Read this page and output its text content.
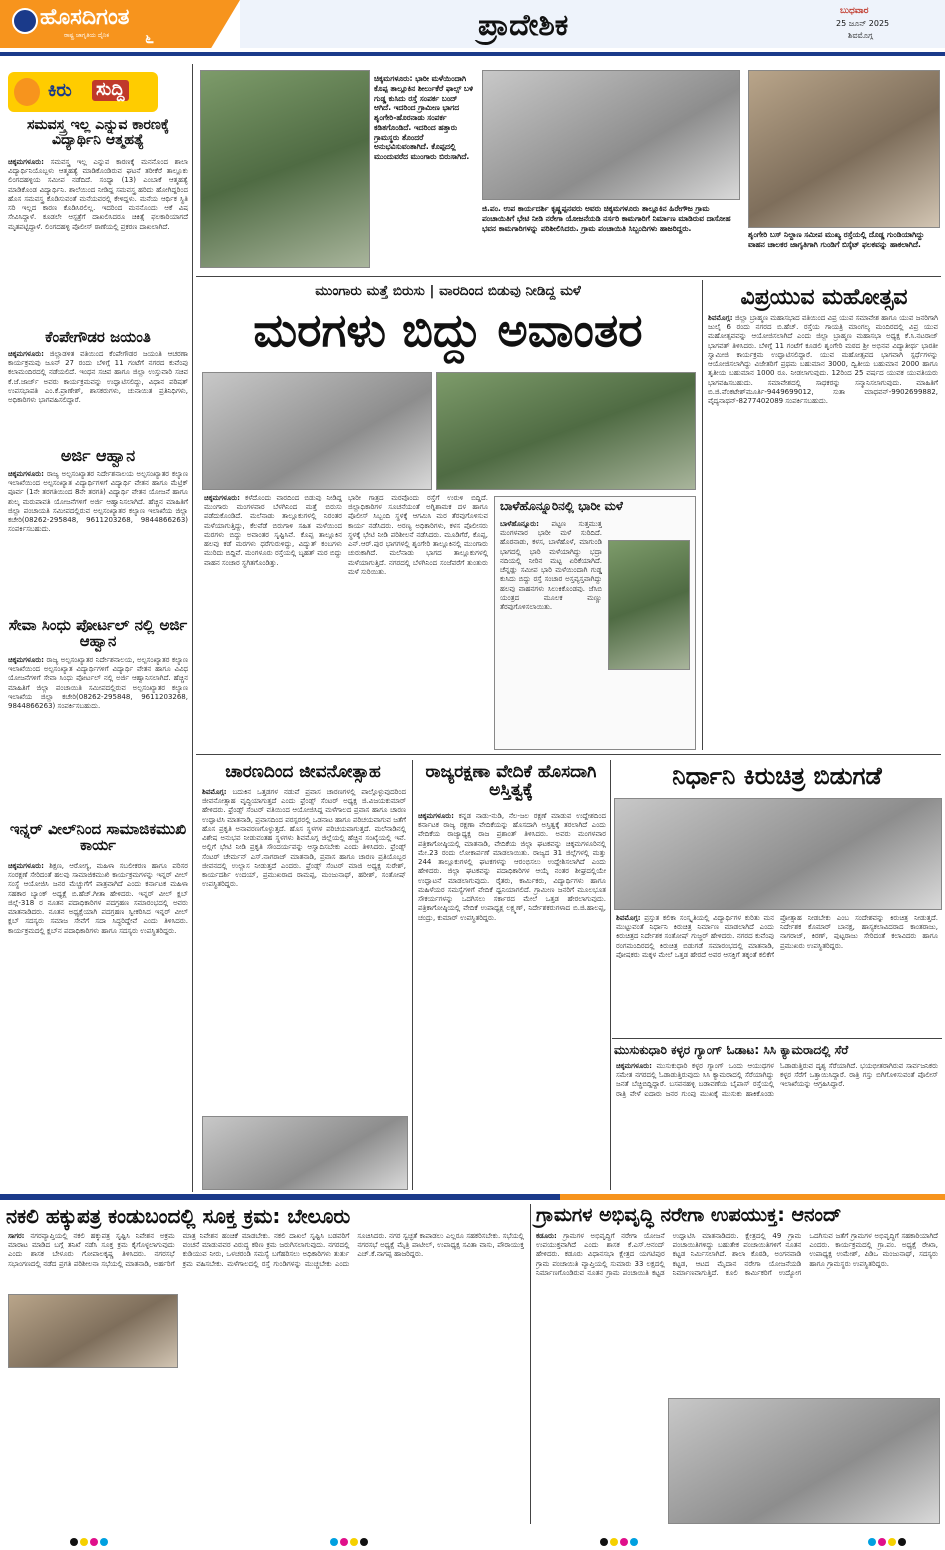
ಹೊಸದಿಗಂತ
ರಾಷ್ಟ್ರ ಜಾಗೃತಿಯ ದೈನಿಕ ೬	ಪ್ರಾದೇಶಿಕ	ಬುಧವಾರ
25 ಜೂನ್ 2025
ಶಿವಮೊಗ್ಗ
ಕಿರು ಸುದ್ದಿ
ಸಮವಸ್ತ್ರ ಇಲ್ಲ ಎನ್ನುವ ಕಾರಣಕ್ಕೆ ವಿದ್ಯಾರ್ಥಿನಿ ಆತ್ಮಹತ್ಯೆ
ಚಿಕ್ಕಮಗಳೂರು: ಸಮವಸ್ತ್ರ ಇಲ್ಲ ಎನ್ನುವ ಕಾರಣಕ್ಕೆ ಮನನೊಂದ ಶಾಲಾ ವಿದ್ಯಾರ್ಥಿನಿಯೊಬ್ಬಳು ಆತ್ಮಹತ್ಯೆ ಮಾಡಿಕೊಂಡಿರುವ ಘಟನೆ ತರೀಕೆರೆ ತಾಲ್ಲೂಕು ಲಿಂಗದಹಳ್ಳಿಯ ಸಮೀಪ ನಡೆದಿದೆ. ಸಂಧ್ಯಾ (13) ಎಂಬಾಕೆ ಆತ್ಮಹತ್ಯೆ ಮಾಡಿಕೊಂಡ ವಿದ್ಯಾರ್ಥಿನಿ. ಶಾಲೆಯಿಂದ ನೀಡಿದ್ದ ಸಮವಸ್ತ್ರ ಹರಿದು ಹೋಗಿದ್ದರಿಂದ ಹೊಸ ಸಮವಸ್ತ್ರ ಕೊಡಿಸುವಂತೆ ಮನೆಯವರಲ್ಲಿ ಕೇಳಿದ್ದಳು. ಮನೆಯ ಆರ್ಥಿಕ ಸ್ಥಿತಿ ಸರಿ ಇಲ್ಲದ ಕಾರಣ ಕೊಡಿಸಿರಲಿಲ್ಲ. ಇದರಿಂದ ಮನನೊಂದು ಆಕೆ ವಿಷ ಸೇವಿಸಿದ್ದಾಳೆ. ಕೂಡಲೇ ಆಸ್ಪತ್ರೆಗೆ ದಾಖಲಿಸಿದರೂ ಚಿಕಿತ್ಸೆ ಫಲಕಾರಿಯಾಗದೆ ಮೃತಪಟ್ಟಿದ್ದಾಳೆ. ಲಿಂಗದಹಳ್ಳಿ ಪೊಲೀಸ್ ಠಾಣೆಯಲ್ಲಿ ಪ್ರಕರಣ ದಾಖಲಾಗಿದೆ.
ಕೆಂಪೇಗೌಡರ ಜಯಂತಿ
ಚಿಕ್ಕಮಗಳೂರು: ಜಿಲ್ಲಾಡಳಿತ ವತಿಯಿಂದ ಕೆಂಪೇಗೌಡರ ಜಯಂತಿ ಆಚರಣಾ ಕಾರ್ಯಕ್ರಮವು ಜೂನ್ 27 ರಂದು ಬೆಳಿಗ್ಗೆ 11 ಗಂಟೆಗೆ ನಗರದ ಕುವೆಂಪು ಕಲಾಮಂದಿರದಲ್ಲಿ ನಡೆಯಲಿದೆ. ಇಂಧನ ಸಚಿವ ಹಾಗೂ ಜಿಲ್ಲಾ ಉಸ್ತುವಾರಿ ಸಚಿವ ಕೆ.ಜೆ.ಜಾರ್ಜ್ ಅವರು ಕಾರ್ಯಕ್ರಮವನ್ನು ಉದ್ಘಾಟಿಸಲಿದ್ದು, ವಿಧಾನ ಪರಿಷತ್ ಉಪಸಭಾಪತಿ ಎಂ.ಕೆ.ಪ್ರಾಣೇಶ್, ಶಾಸಕರುಗಳು, ಚುನಾಯಿತ ಪ್ರತಿನಿಧಿಗಳು, ಅಧಿಕಾರಿಗಳು ಭಾಗವಹಿಸಲಿದ್ದಾರೆ.
ಅರ್ಜಿ ಆಹ್ವಾನ
ಚಿಕ್ಕಮಗಳೂರು: ರಾಜ್ಯ ಅಲ್ಪಸಂಖ್ಯಾತರ ನಿರ್ದೇಶನಾಲಯ ಅಲ್ಪಸಂಖ್ಯಾತರ ಕಲ್ಯಾಣ ಇಲಾಖೆಯಿಂದ ಅಲ್ಪಸಂಖ್ಯಾತ ವಿದ್ಯಾರ್ಥಿಗಳಿಗೆ ವಿದ್ಯಾರ್ಥಿ ವೇತನ ಹಾಗೂ ಮೆಟ್ರಿಕ್ ಪೂರ್ವ (1ನೇ ತರಗತಿಯಿಂದ 8ನೇ ತರಗತಿ) ವಿದ್ಯಾರ್ಥಿ ವೇತನ ಯೋಜನೆ ಹಾಗೂ ಶುಲ್ಕ ಮರುಪಾವತಿ ಯೋಜನೆಗಳಿಗೆ ಅರ್ಜಿ ಆಹ್ವಾನಿಸಲಾಗಿದೆ. ಹೆಚ್ಚಿನ ಮಾಹಿತಿಗೆ ಜಿಲ್ಲಾ ಪಂಚಾಯತಿ ಸಮೀಪದಲ್ಲಿರುವ ಅಲ್ಪಸಂಖ್ಯಾತರ ಕಲ್ಯಾಣ ಇಲಾಖೆಯ ಜಿಲ್ಲಾ ಕಚೇರಿ(08262-295848, 9611203268, 9844866263) ಸಂಪರ್ಕಿಸಬಹುದು.
ಸೇವಾ ಸಿಂಧು ಪೋರ್ಟಲ್ ನಲ್ಲಿ ಅರ್ಜಿ ಆಹ್ವಾನ
ಚಿಕ್ಕಮಗಳೂರು: ರಾಜ್ಯ ಅಲ್ಪಸಂಖ್ಯಾತರ ನಿರ್ದೇಶನಾಲಯ, ಅಲ್ಪಸಂಖ್ಯಾತರ ಕಲ್ಯಾಣ ಇಲಾಖೆಯಿಂದ ಅಲ್ಪಸಂಖ್ಯಾತ ವಿದ್ಯಾರ್ಥಿಗಳಿಗೆ ವಿದ್ಯಾರ್ಥಿ ವೇತನ ಹಾಗೂ ವಿವಿಧ ಯೋಜನೆಗಳಿಗೆ ಸೇವಾ ಸಿಂಧು ಪೋರ್ಟಲ್ ನಲ್ಲಿ ಅರ್ಜಿ ಆಹ್ವಾನಿಸಲಾಗಿದೆ. ಹೆಚ್ಚಿನ ಮಾಹಿತಿಗೆ ಜಿಲ್ಲಾ ಪಂಚಾಯಿತಿ ಸಮೀಪದಲ್ಲಿರುವ ಅಲ್ಪಸಂಖ್ಯಾತರ ಕಲ್ಯಾಣ ಇಲಾಖೆಯ ಜಿಲ್ಲಾ ಕಚೇರಿ(08262-295848, 9611203268, 9844866263) ಸಂಪರ್ಕಿಸಬಹುದು.
ಇನ್ನರ್ ವೀಲ್‌ನಿಂದ ಸಾಮಾಜಿಕಮುಖಿ ಕಾರ್ಯ
ಚಿಕ್ಕಮಗಳೂರು: ಶಿಕ್ಷಣ, ಆರೋಗ್ಯ, ಮಹಿಳಾ ಸಬಲೀಕರಣ ಹಾಗೂ ಪರಿಸರ ಸಂರಕ್ಷಣೆ ಸೇರಿದಂತೆ ಹಲವು ಸಾಮಾಜಿಕಮುಖಿ ಕಾರ್ಯಕ್ರಮಗಳನ್ನು ಇನ್ನರ್ ವೀಲ್ ಸಂಸ್ಥೆ ಆಯೋಜಿಸಿ ಜನರ ಮೆಚ್ಚುಗೆಗೆ ಪಾತ್ರವಾಗಿದೆ ಎಂದು ಕರ್ನಾಟಕ ಮಹಿಳಾ ಸಹಕಾರ ಬ್ಯಾಂಕ್ ಅಧ್ಯಕ್ಷೆ ಬಿ.ಹೆಚ್.ಗೀತಾ ಹೇಳಿದರು. ಇನ್ನರ್ ವೀಲ್ ಕ್ಲಬ್ ಜಿಲ್ಲೆ-318 ರ ನೂತನ ಪದಾಧಿಕಾರಿಗಳ ಪದಗ್ರಹಣ ಸಮಾರಂಭದಲ್ಲಿ ಅವರು ಮಾತನಾಡಿದರು. ನೂತನ ಅಧ್ಯಕ್ಷೆಯಾಗಿ ಪದಗ್ರಹಣ ಸ್ವೀಕರಿಸಿದ ಇನ್ನರ್ ವೀಲ್ ಕ್ಲಬ್ ಸದಸ್ಯರು ಸಮಾಜ ಸೇವೆಗೆ ಸದಾ ಸಿದ್ಧರಿದ್ದೇವೆ ಎಂದು ತಿಳಿಸಿದರು. ಕಾರ್ಯಕ್ರಮದಲ್ಲಿ ಕ್ಲಬ್‌ನ ಪದಾಧಿಕಾರಿಗಳು ಹಾಗೂ ಸದಸ್ಯರು ಉಪಸ್ಥಿತರಿದ್ದರು.
ಚಿಕ್ಕಮಗಳೂರು: ಭಾರೀ ಮಳೆಯಿಂದಾಗಿ ಕೊಪ್ಪ ತಾಲ್ಲೂಕಿನ ಶೀರ್ಲುಕೆರೆ ಫಾಲ್ಸ್ ಬಳಿ ಗುಡ್ಡ ಕುಸಿದು ರಸ್ತೆ ಸಂಪರ್ಕ ಬಂದ್ ಆಗಿದೆ. ಇದರಿಂದ ಗ್ರಾಮೀಣ ಭಾಗದ ಶೃಂಗೇರಿ-ಹೊರನಾಡು ಸಂಪರ್ಕ ಕಡಿತಗೊಂಡಿದೆ. ಇದರಿಂದ ಹತ್ತಾರು ಗ್ರಾಮಸ್ಥರು ತೊಂದರೆ ಅನುಭವಿಸುವಂತಾಗಿದೆ. ಕೊಪ್ಪದಲ್ಲಿ ಮುಂದುವರೆದ ಮುಂಗಾರು ಬಿರುಸಾಗಿದೆ.
ಜಿ.ಪಂ. ಉಪ ಕಾರ್ಯದರ್ಶಿ ಕೃಷ್ಣಪ್ಪನವರು ಅವರು ಚಿಕ್ಕಮಗಳೂರು ತಾಲ್ಲೂಕಿನ ಹಿರೇಗೌಜ ಗ್ರಾಮ ಪಂಚಾಯಿತಿಗೆ ಭೇಟಿ ನೀಡಿ ನರೇಗಾ ಯೋಜನೆಯಡಿ ನರ್ಸರಿ ಕಾಮಗಾರಿಗೆ ನಿರ್ಮಾಣ ಮಾಡಿರುವ ದಾಸೋಹ ಭವನ ಕಾಮಗಾರಿಗಳನ್ನು ಪರಿಶೀಲಿಸಿದರು. ಗ್ರಾಮ ಪಂಚಾಯಿತಿ ಸಿಬ್ಬಂದಿಗಳು ಹಾಜರಿದ್ದರು.
ಶೃಂಗೇರಿ ಬಸ್ ನಿಲ್ದಾಣ ಸಮೀಪ ಮುಖ್ಯ ರಸ್ತೆಯಲ್ಲಿ ದೊಡ್ಡ ಗುಂಡಿಯಾಗಿದ್ದು ವಾಹನ ಚಾಲಕರ ಜಾಗೃತಿಗಾಗಿ ಗುಂಡಿಗೆ ಬಿಸ್ಕೆಟ್ ಫಲಕವನ್ನು ಹಾಕಲಾಗಿದೆ.
ಮುಂಗಾರು ಮತ್ತೆ ಬಿರುಸು | ವಾರದಿಂದ ಬಿಡುವು ನೀಡಿದ್ದ ಮಳೆ
ಮರಗಳು ಬಿದ್ದು ಅವಾಂತರ
ಚಿಕ್ಕಮಗಳೂರು: ಕಳೆದೊಂದು ವಾರದಿಂದ ಬಿಡುವು ನೀಡಿದ್ದ ಮುಂಗಾರು ಮಂಗಳವಾರ ಬೆಳಗಿನಿಂದ ಮತ್ತೆ ಬಿರುಸು ಪಡೆದುಕೊಂಡಿದೆ. ಮಲೆನಾಡು ತಾಲ್ಲೂಕುಗಳಲ್ಲಿ ನಿರಂತರ ಮಳೆಯಾಗುತ್ತಿದ್ದು, ಕೆಲವೆಡೆ ಬಿರುಗಾಳಿ ಸಹಿತ ಮಳೆಯಿಂದ ಮರಗಳು ಬಿದ್ದು ಅವಾಂತರ ಸೃಷ್ಟಿಸಿವೆ. ಕೊಪ್ಪ ತಾಲ್ಲೂಕಿನ ಹಲವು ಕಡೆ ಮರಗಳು ಧರೆಗುರುಳಿದ್ದು, ವಿದ್ಯುತ್ ಕಂಬಗಳು ಮುರಿದು ಬಿದ್ದಿವೆ. ಮಂಗಳೂರು ರಸ್ತೆಯಲ್ಲಿ ಬೃಹತ್ ಮರ ಬಿದ್ದು ವಾಹನ ಸಂಚಾರ ಸ್ಥಗಿತಗೊಂಡಿತ್ತು.
ಭಾರೀ ಗಾತ್ರದ ಮರವೊಂದು ರಸ್ತೆಗೆ ಉರುಳಿ ಬಿದ್ದಿದೆ. ಜಿಲ್ಲಾಧಿಕಾರಿಗಳ ಸೂಚನೆಯಂತೆ ಅಗ್ನಿಶಾಮಕ ದಳ ಹಾಗೂ ಪೊಲೀಸ್ ಸಿಬ್ಬಂದಿ ಸ್ಥಳಕ್ಕೆ ಆಗಮಿಸಿ ಮರ ತೆರವುಗೊಳಿಸುವ ಕಾರ್ಯ ನಡೆಸಿದರು. ಅರಣ್ಯ ಅಧಿಕಾರಿಗಳು, ಕಳಸ ಪೊಲೀಸರು ಸ್ಥಳಕ್ಕೆ ಭೇಟಿ ನೀಡಿ ಪರಿಶೀಲನೆ ನಡೆಸಿದರು. ಮೂಡಿಗೆರೆ, ಕೊಪ್ಪ, ಎನ್.ಆರ್.ಪುರ ಭಾಗಗಳಲ್ಲಿ ಶೃಂಗೇರಿ ತಾಲ್ಲೂಕಿನಲ್ಲಿ ಮುಂಗಾರು ಚುರುಕಾಗಿದೆ. ಮಲೆನಾಡು ಭಾಗದ ತಾಲ್ಲೂಕುಗಳಲ್ಲಿ ಮಳೆಯಾಗುತ್ತಿದೆ. ನಗರದಲ್ಲಿ ಬೆಳಗಿನಿಂದ ಸಂಜೆವರೆಗೆ ತುಂತುರು ಮಳೆ ಸುರಿಯಿತು.
ಬಾಳೆಹೊನ್ನೂರಿನಲ್ಲಿ ಭಾರೀ ಮಳೆ
ಬಾಳೆಹೊನ್ನೂರು: ಪಟ್ಟಣ ಸುತ್ತಮುತ್ತ ಮಂಗಳವಾರ ಭಾರೀ ಮಳೆ ಸುರಿದಿದೆ. ಹೊರನಾಡು, ಕಳಸ, ಬಾಳೆಹೊಳೆ, ಮಾಗುಂಡಿ ಭಾಗದಲ್ಲಿ ಭಾರಿ ಮಳೆಯಾಗಿದ್ದು ಭದ್ರಾ ನದಿಯಲ್ಲಿ ನೀರಿನ ಮಟ್ಟ ಏರಿಕೆಯಾಗಿದೆ. ಚೆನ್ನಡ್ಲು ಸಮೀಪ ಭಾರಿ ಮಳೆಯಿಂದಾಗಿ ಗುಡ್ಡ ಕುಸಿದು ಬಿದ್ದು ರಸ್ತೆ ಸಂಚಾರ ಅಸ್ತವ್ಯಸ್ತವಾಗಿದ್ದು ಹಲವು ವಾಹನಗಳು ಸಿಲುಕಿಕೊಂಡವು. ಜೆಸಿಬಿ ಯಂತ್ರದ ಮೂಲಕ ಮಣ್ಣು ತೆರವುಗೊಳಿಸಲಾಯಿತು.
ವಿಪ್ರಯುವ ಮಹೋತ್ಸವ
ಶಿವಮೊಗ್ಗ: ಜಿಲ್ಲಾ ಬ್ರಾಹ್ಮಣ ಮಹಾಸಭಾದ ವತಿಯಿಂದ ವಿಪ್ರ ಯುವ ಸಮಾವೇಶ ಹಾಗೂ ಯುವ ಜನರಿಗಾಗಿ ಜುಲೈ 6 ರಂದು ನಗರದ ಬಿ.ಹೆಚ್. ರಸ್ತೆಯ ಗಾಯತ್ರಿ ಮಾಂಗಲ್ಯ ಮಂದಿರದಲ್ಲಿ ವಿಪ್ರ ಯುವ ಮಹೋತ್ಸವವನ್ನು ಆಯೋಜಿಸಲಾಗಿದೆ ಎಂದು ಜಿಲ್ಲಾ ಬ್ರಾಹ್ಮಣ ಮಹಾಸಭಾ ಅಧ್ಯಕ್ಷ ಕೆ.ಸಿ.ನಟರಾಜ್ ಭಾಗವತ್ ತಿಳಿಸಿದರು. ಬೆಳಿಗ್ಗೆ 11 ಗಂಟೆಗೆ ಕೂಡಲಿ ಶೃಂಗೇರಿ ಮಠದ ಶ್ರೀ ಅಭಿನವ ವಿದ್ಯಾತೀರ್ಥ ಭಾರತೀ ಸ್ವಾಮೀಜಿ ಕಾರ್ಯಕ್ರಮ ಉದ್ಘಾಟಿಸಲಿದ್ದಾರೆ. ಯುವ ಮಹೋತ್ಸವದ ಭಾಗವಾಗಿ ಸ್ಪರ್ಧೆಗಳನ್ನು ಆಯೋಜಿಸಲಾಗಿದ್ದು ವಿಜೇತರಿಗೆ ಪ್ರಥಮ ಬಹುಮಾನ 3000, ದ್ವಿತೀಯ ಬಹುಮಾನ 2000 ಹಾಗೂ ತೃತೀಯ ಬಹುಮಾನ 1000 ರೂ. ನೀಡಲಾಗುವುದು. 12ರಿಂದ 25 ವರ್ಷದ ಯುವಕ ಯುವತಿಯರು ಭಾಗವಹಿಸಬಹುದು. ಸಮಾವೇಶದಲ್ಲಿ ಸಾಧಕರನ್ನು ಸನ್ಮಾನಿಸಲಾಗುವುದು. ಮಾಹಿತಿಗೆ ಬಿ.ಜಿ.ವೆಂಕಟೇಶ್‌ಮೂರ್ತಿ-9449699012, ಸುತಾ ಮಾಧವನ್-9902699882, ವೈದ್ಯನಾಥನ್-8277402089 ಸಂಪರ್ಕಿಸಬಹುದು.
ಚಾರಣದಿಂದ ಜೀವನೋತ್ಸಾಹ
ಶಿವಮೊಗ್ಗ: ಬದುಕಿನ ಒತ್ತಡಗಳ ನಡುವೆ ಪ್ರವಾಸ ಚಾರಣಗಳಲ್ಲಿ ಪಾಲ್ಗೊಳ್ಳುವುದರಿಂದ ಜೀವನೋತ್ಸಾಹ ವೃದ್ಧಿಯಾಗುತ್ತದೆ ಎಂದು ಫ್ರೆಂಡ್ಸ್ ಸೆಂಟರ್ ಅಧ್ಯಕ್ಷ ಜಿ.ವಿಜಯಕುಮಾರ್ ಹೇಳಿದರು. ಫ್ರೆಂಡ್ಸ್ ಸೆಂಟರ್ ವತಿಯಿಂದ ಆಯೋಜಿಸಿದ್ದ ಮಳೆಗಾಲದ ಪ್ರವಾಸ ಹಾಗೂ ಚಾರಣ ಉದ್ಘಾಟಿಸಿ ಮಾತನಾಡಿ, ಪ್ರವಾಸದಿಂದ ಪರಸ್ಪರರಲ್ಲಿ ಒಡನಾಟ ಹಾಗೂ ಪರಿಚಯವಾಗುವ ಜತೆಗೆ ಹೊಸ ಪ್ರಕೃತಿ ಅನಾವರಣಗೊಳ್ಳುತ್ತದೆ. ಹೊಸ ಸ್ಥಳಗಳ ಪರಿಚಯವಾಗುತ್ತದೆ. ಮಲೆನಾಡಿನಲ್ಲಿ ವಿಶೇಷ ಅನುಭವ ನೀಡುವಂತಹ ಸ್ಥಳಗಳು ಶಿವಮೊಗ್ಗ ಜಿಲ್ಲೆಯಲ್ಲಿ ಹೆಚ್ಚಿನ ಸಂಖ್ಯೆಯಲ್ಲಿ ಇವೆ. ಅಲ್ಲಿಗೆ ಭೇಟಿ ನೀಡಿ ಪ್ರಕೃತಿ ಸೌಂದರ್ಯವನ್ನು ಆಸ್ವಾದಿಸಬೇಕು ಎಂದು ತಿಳಿಸಿದರು. ಫ್ರೆಂಡ್ಸ್ ಸೆಂಟರ್ ಚೇರ್ಮನ್ ಎಸ್.ನಾಗರಾಜ್ ಮಾತನಾಡಿ, ಪ್ರವಾಸ ಹಾಗೂ ಚಾರಣ ಪ್ರತಿಯೊಬ್ಬರ ಜೀವನದಲ್ಲಿ ಉಲ್ಲಾಸ ನೀಡುತ್ತದೆ ಎಂದರು. ಫ್ರೆಂಡ್ಸ್ ಸೆಂಟರ್ ಮಾಜಿ ಅಧ್ಯಕ್ಷ ಸುರೇಶ್, ಕಾರ್ಯದರ್ಶಿ ಉದಯ್, ಪ್ರಮುಖರಾದ ರಾಮಪ್ಪ, ಮಂಜುನಾಥ್, ಹರೀಶ್, ಸಂತೋಷ್ ಉಪಸ್ಥಿತರಿದ್ದರು.
ರಾಜ್ಯರಕ್ಷಣಾ ವೇದಿಕೆ ಹೊಸದಾಗಿ ಅಸ್ತಿತ್ವಕ್ಕೆ
ಚಿಕ್ಕಮಗಳೂರು: ಕನ್ನಡ ನಾಡು-ನುಡಿ, ನೆಲ-ಜಲ ರಕ್ಷಣೆ ಮಾಡುವ ಉದ್ದೇಶದಿಂದ ಕರ್ನಾಟಕ ರಾಜ್ಯ ರಕ್ಷಣಾ ವೇದಿಕೆಯನ್ನು ಹೊಸದಾಗಿ ಅಸ್ತಿತ್ವಕ್ಕೆ ತರಲಾಗಿದೆ ಎಂದು ವೇದಿಕೆಯ ರಾಜ್ಯಾಧ್ಯಕ್ಷ ರಾಜ ಪ್ರಶಾಂತ್ ತಿಳಿಸಿದರು. ಅವರು ಮಂಗಳವಾರ ಪತ್ರಿಕಾಗೋಷ್ಠಿಯಲ್ಲಿ ಮಾತನಾಡಿ, ವೇದಿಕೆಯ ಜಿಲ್ಲಾ ಘಟಕವನ್ನು ಚಿಕ್ಕಮಗಳೂರಿನಲ್ಲಿ ಮೇ.23 ರಂದು ಲೋಕಾರ್ಪಣೆ ಮಾಡಲಾಯಿತು. ರಾಜ್ಯದ 31 ಜಿಲ್ಲೆಗಳಲ್ಲಿ ಮತ್ತು 244 ತಾಲ್ಲೂಕುಗಳಲ್ಲಿ ಘಟಕಗಳನ್ನು ಆರಂಭಿಸಲು ಉದ್ದೇಶಿಸಲಾಗಿದೆ ಎಂದು ಹೇಳಿದರು. ಜಿಲ್ಲಾ ಘಟಕವನ್ನು ಪದಾಧಿಕಾರಿಗಳ ಆಯ್ಕೆ ನಂತರ ಶೀಘ್ರದಲ್ಲಿಯೇ ಉದ್ಘಾಟನೆ ಮಾಡಲಾಗುವುದು. ರೈತರು, ಕಾರ್ಮಿಕರು, ವಿದ್ಯಾರ್ಥಿಗಳು ಹಾಗೂ ಮಹಿಳೆಯರ ಸಮಸ್ಯೆಗಳಿಗೆ ವೇದಿಕೆ ಧ್ವನಿಯಾಗಲಿದೆ. ಗ್ರಾಮೀಣ ಜನರಿಗೆ ಮೂಲಭೂತ ಸೌಕರ್ಯಗಳನ್ನು ಒದಗಿಸಲು ಸರ್ಕಾರದ ಮೇಲೆ ಒತ್ತಡ ಹೇರಲಾಗುವುದು. ಪತ್ರಿಕಾಗೋಷ್ಠಿಯಲ್ಲಿ ವೇದಿಕೆ ಉಪಾಧ್ಯಕ್ಷ ಲಕ್ಷ್ಮಣ್, ನಿರ್ದೇಶಕರುಗಳಾದ ಬಿ.ಜಿ.ಹಾಲಪ್ಪ, ಚಂದ್ರು, ಕುಮಾರ್ ಉಪಸ್ಥಿತರಿದ್ದರು.
ನಿರ್ಧಾನಿ ಕಿರುಚಿತ್ರ ಬಿಡುಗಡೆ
ಶಿವಮೊಗ್ಗ: ಪ್ರಸ್ತುತ ಕಲಿಕಾ ಸಂಸ್ಕೃತಿಯಲ್ಲಿ ವಿದ್ಯಾರ್ಥಿಗಳ ಕುರಿತು ಮನ ಮುಟ್ಟುವಂತೆ ನಿರ್ಧಾನಿ ಕಿರುಚಿತ್ರ ನಿರ್ಮಾಣ ಮಾಡಲಾಗಿದೆ ಎಂದು ಕಿರುಚಿತ್ರದ ನಿರ್ದೇಶಕ ಸಂತೋಷ್ ಗುಜ್ಜರ್ ಹೇಳಿದರು. ನಗರದ ಕುವೆಂಪು ರಂಗಮಂದಿರದಲ್ಲಿ ಕಿರುಚಿತ್ರ ಬಿಡುಗಡೆ ಸಮಾರಂಭದಲ್ಲಿ ಮಾತನಾಡಿ, ಪೋಷಕರು ಮಕ್ಕಳ ಮೇಲೆ ಒತ್ತಡ ಹೇರದೆ ಅವರ ಆಸಕ್ತಿಗೆ ತಕ್ಕಂತೆ ಕಲಿಕೆಗೆ ಪ್ರೋತ್ಸಾಹ ನೀಡಬೇಕು ಎಂಬ ಸಂದೇಶವನ್ನು ಕಿರುಚಿತ್ರ ನೀಡುತ್ತದೆ. ನಿರ್ದೇಶಕ ಕೊಮಾರ್ ಬಾನಕ್ಷ, ಹಾಸ್ಯಕಲಾವಿದರಾದ ಕಾಂತರಾಜು, ನಾಗರಾಜ್, ಕಿರಣ್, ಪುಟ್ಟರಾಜು ಸೇರಿದಂತೆ ಕಲಾವಿದರು ಹಾಗೂ ಪ್ರಮುಖರು ಉಪಸ್ಥಿತರಿದ್ದರು.
ಮುಸುಕುಧಾರಿ ಕಳ್ಳರ ಗ್ಯಾಂಗ್ ಓಡಾಟ: ಸಿಸಿ ಕ್ಯಾಮರಾದಲ್ಲಿ ಸೆರೆ
ಚಿಕ್ಕಮಗಳೂರು: ಮುಸುಕುಧಾರಿ ಕಳ್ಳರ ಗ್ಯಾಂಗ್ ಒಂದು ಆಯುಧಗಳ ಸಮೇತ ನಗರದಲ್ಲಿ ಓಡಾಡುತ್ತಿರುವುದು ಸಿಸಿ ಕ್ಯಾಮರಾದಲ್ಲಿ ಸೆರೆಯಾಗಿದ್ದು ಜನತೆ ಬೆಚ್ಚಿಬಿದ್ದಿದ್ದಾರೆ. ಬಸವನಹಳ್ಳಿ ಬಡಾವಣೆಯ ಬೈಪಾಸ್ ರಸ್ತೆಯಲ್ಲಿ ರಾತ್ರಿ ವೇಳೆ ಐದಾರು ಜನರ ಗುಂಪು ಮುಖಕ್ಕೆ ಮುಸುಕು ಹಾಕಿಕೊಂಡು ಓಡಾಡುತ್ತಿರುವ ದೃಶ್ಯ ಸೆರೆಯಾಗಿದೆ. ಭಯಭೀತರಾಗಿರುವ ಸಾರ್ವಜನಿಕರು ಕಳ್ಳರ ಸೆರೆಗೆ ಒತ್ತಾಯಿಸಿದ್ದಾರೆ. ರಾತ್ರಿ ಗಸ್ತು ಬಿಗಿಗೊಳಿಸುವಂತೆ ಪೊಲೀಸ್ ಇಲಾಖೆಯನ್ನು ಆಗ್ರಹಿಸಿದ್ದಾರೆ.
ನಕಲಿ ಹಕ್ಕುಪತ್ರ ಕಂಡುಬಂದಲ್ಲಿ ಸೂಕ್ತ ಕ್ರಮ: ಬೇಲೂರು
ಸಾಗರ: ನಗರವ್ಯಾಪ್ತಿಯಲ್ಲಿ ನಕಲಿ ಹಕ್ಕುಪತ್ರ ಸೃಷ್ಟಿಸಿ ನಿವೇಶನ ಅಕ್ರಮ ಮಾರಾಟ ಮಾಡಿದ ಬಗ್ಗೆ ತನಿಖೆ ನಡೆಸಿ ಸೂಕ್ತ ಕ್ರಮ ಕೈಗೊಳ್ಳಲಾಗುವುದು ಎಂದು ಶಾಸಕ ಬೇಳೂರು ಗೋಪಾಲಕೃಷ್ಣ ತಿಳಿಸಿದರು. ನಗರಸಭೆ ಸಭಾಂಗಣದಲ್ಲಿ ನಡೆದ ಪ್ರಗತಿ ಪರಿಶೀಲನಾ ಸಭೆಯಲ್ಲಿ ಮಾತನಾಡಿ, ಅರ್ಹರಿಗೆ ಮಾತ್ರ ನಿವೇಶನ ಹಂಚಿಕೆ ಮಾಡಬೇಕು. ನಕಲಿ ದಾಖಲೆ ಸೃಷ್ಟಿಸಿ ಬಡವರಿಗೆ ವಂಚನೆ ಮಾಡುವವರ ವಿರುದ್ಧ ಕಠಿಣ ಕ್ರಮ ಜರುಗಿಸಲಾಗುವುದು. ನಗರದಲ್ಲಿ ಕುಡಿಯುವ ನೀರು, ಒಳಚರಂಡಿ ಸಮಸ್ಯೆ ಬಗೆಹರಿಸಲು ಅಧಿಕಾರಿಗಳು ತುರ್ತು ಕ್ರಮ ವಹಿಸಬೇಕು. ಮಳೆಗಾಲದಲ್ಲಿ ರಸ್ತೆ ಗುಂಡಿಗಳನ್ನು ಮುಚ್ಚಬೇಕು ಎಂದು ಸೂಚಿಸಿದರು. ನಗರ ಸ್ವಚ್ಛತೆ ಕಾಪಾಡಲು ಎಲ್ಲರೂ ಸಹಕರಿಸಬೇಕು. ಸಭೆಯಲ್ಲಿ ನಗರಸಭೆ ಅಧ್ಯಕ್ಷೆ ಮೈತ್ರಿ ಪಾಟೀಲ್, ಉಪಾಧ್ಯಕ್ಷ ಸವಿತಾ ವಾಸು, ಪೌರಾಯುಕ್ತ ಎಚ್.ಕೆ.ನಾಗಪ್ಪ ಹಾಜರಿದ್ದರು.
ಗ್ರಾಮಗಳ ಅಭಿವೃದ್ಧಿ ನರೇಗಾ ಉಪಯುಕ್ತ: ಆನಂದ್
ಕಡೂರು: ಗ್ರಾಮಗಳ ಅಭಿವೃದ್ಧಿಗೆ ನರೇಗಾ ಯೋಜನೆ ಉಪಯುಕ್ತವಾಗಿದೆ ಎಂದು ಶಾಸಕ ಕೆ.ಎಸ್.ಆನಂದ್ ಹೇಳಿದರು. ಕಡೂರು ವಿಧಾನಸಭಾ ಕ್ಷೇತ್ರದ ಯಗಟಿಪುರ ಗ್ರಾಮ ಪಂಚಾಯಿತಿ ವ್ಯಾಪ್ತಿಯಲ್ಲಿ ಸುಮಾರು 33 ಲಕ್ಷದಲ್ಲಿ ನಿರ್ಮಾಣಗೊಂಡಿರುವ ನೂತನ ಗ್ರಾಮ ಪಂಚಾಯಿತಿ ಕಟ್ಟಡ ಉದ್ಘಾಟಿಸಿ ಮಾತನಾಡಿದರು. ಕ್ಷೇತ್ರದಲ್ಲಿ 49 ಗ್ರಾಮ ಪಂಚಾಯಿತಿಗಳಿದ್ದು ಬಹುತೇಕ ಪಂಚಾಯಿತಿಗಳಿಗೆ ನೂತನ ಕಟ್ಟಡ ನಿರ್ಮಿಸಲಾಗಿದೆ. ಶಾಲಾ ಕೊಠಡಿ, ಅಂಗನವಾಡಿ ಕಟ್ಟಡ, ಆಟದ ಮೈದಾನ ನರೇಗಾ ಯೋಜನೆಯಡಿ ನಿರ್ಮಾಣವಾಗುತ್ತಿದೆ. ಕೂಲಿ ಕಾರ್ಮಿಕರಿಗೆ ಉದ್ಯೋಗ ಒದಗಿಸುವ ಜತೆಗೆ ಗ್ರಾಮಗಳ ಅಭಿವೃದ್ಧಿಗೆ ಸಹಕಾರಿಯಾಗಿದೆ ಎಂದರು. ಕಾರ್ಯಕ್ರಮದಲ್ಲಿ ಗ್ರಾ.ಪಂ. ಅಧ್ಯಕ್ಷೆ ರೇಖಾ, ಉಪಾಧ್ಯಕ್ಷ ಉಮೇಶ್, ಪಿಡಿಒ ಮಂಜುನಾಥ್, ಸದಸ್ಯರು ಹಾಗೂ ಗ್ರಾಮಸ್ಥರು ಉಪಸ್ಥಿತರಿದ್ದರು.
